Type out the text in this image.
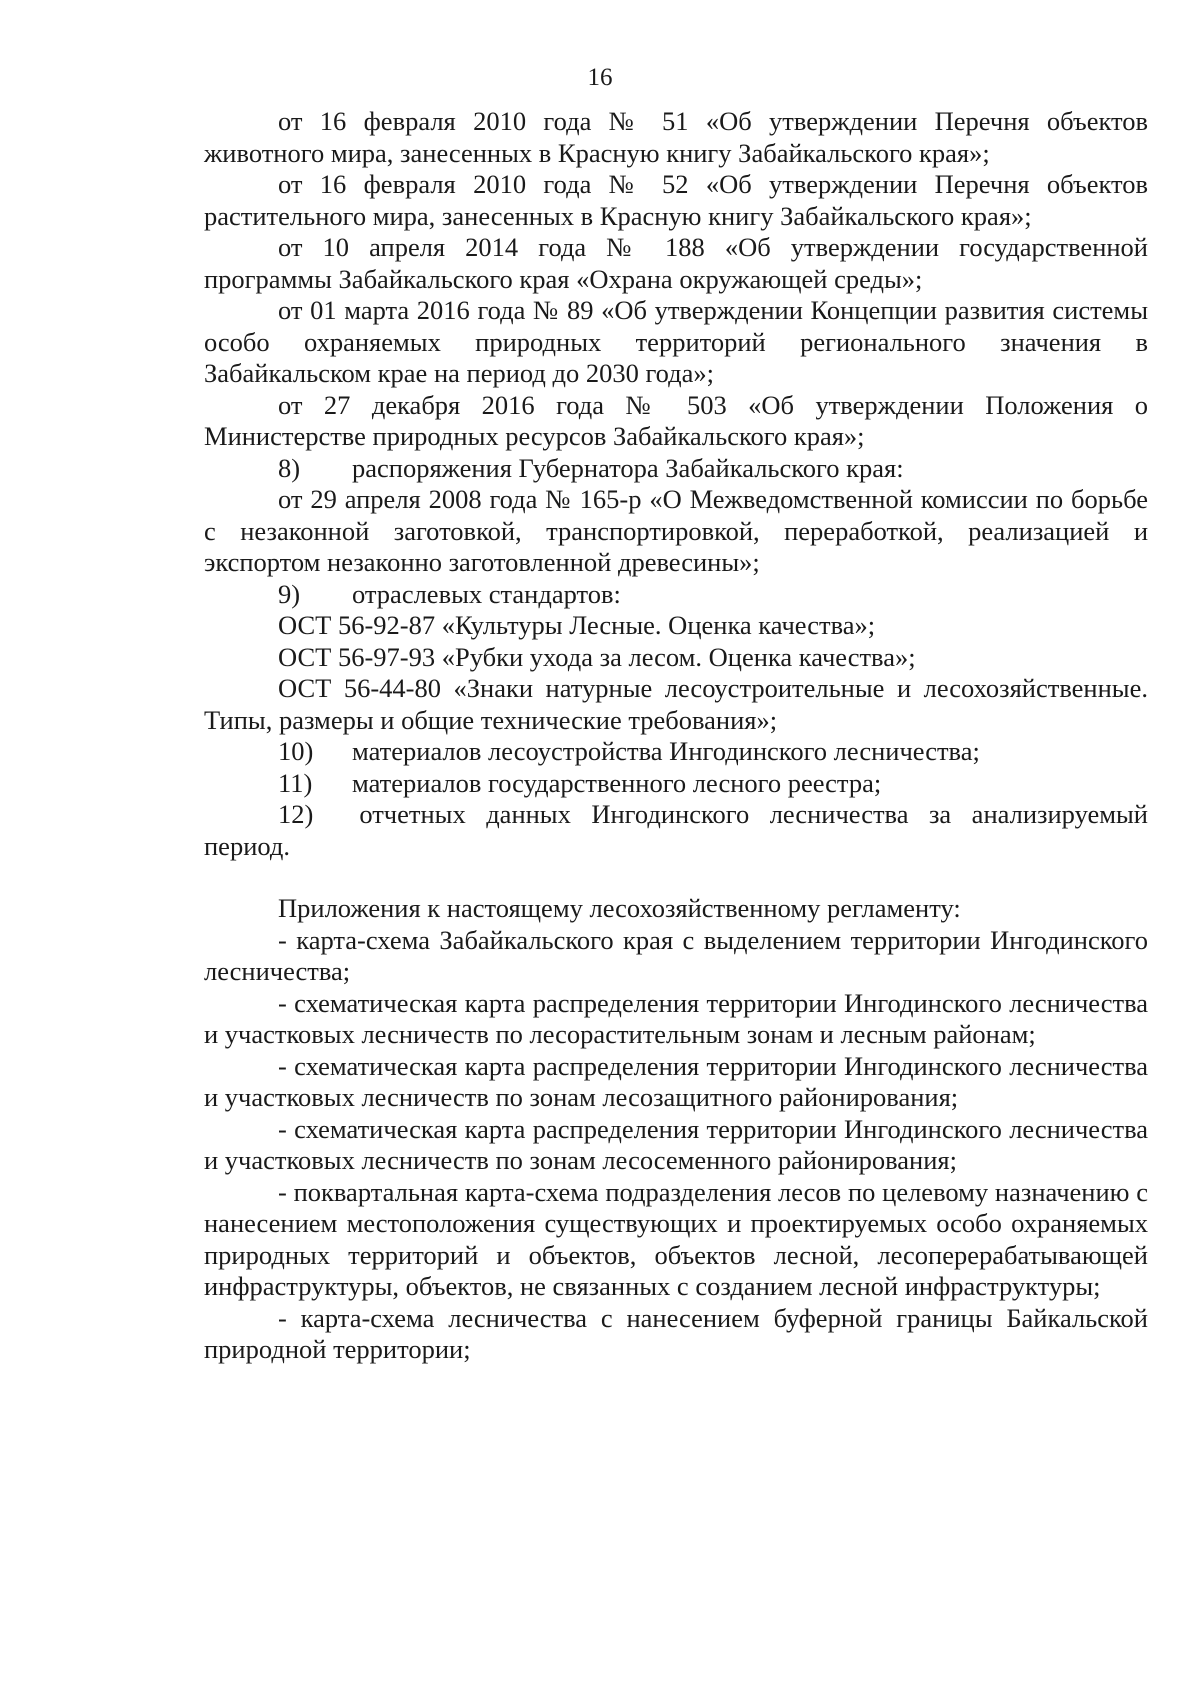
16

от 16 февраля 2010 года № 51 «Об утверждении Перечня объектов животного мира, занесенных в Красную книгу Забайкальского края»;

от 16 февраля 2010 года № 52 «Об утверждении Перечня объектов растительного мира, занесенных в Красную книгу Забайкальского края»;

от 10 апреля 2014 года № 188 «Об утверждении государственной программы Забайкальского края «Охрана окружающей среды»;

от 01 марта 2016 года № 89 «Об утверждении Концепции развития системы особо охраняемых природных территорий регионального значения в Забайкальском крае на период до 2030 года»;

от 27 декабря 2016 года № 503 «Об утверждении Положения о Министерстве природных ресурсов Забайкальского края»;

8)	распоряжения Губернатора Забайкальского края:

от 29 апреля 2008 года № 165-р «О Межведомственной комиссии по борьбе с незаконной заготовкой, транспортировкой, переработкой, реализацией и экспортом незаконно заготовленной древесины»;

9)	отраслевых стандартов:

ОСТ 56-92-87 «Культуры Лесные. Оценка качества»;

ОСТ 56-97-93 «Рубки ухода за лесом. Оценка качества»;

ОСТ 56-44-80 «Знаки натурные лесоустроительные и лесохозяйственные. Типы, размеры и общие технические требования»;

10)	материалов лесоустройства Ингодинского лесничества;
11)	материалов государственного лесного реестра;

12) отчетных данных Ингодинского лесничества за анализируемый период.

Приложения к настоящему лесохозяйственному регламенту:

- карта-схема Забайкальского края с выделением территории Ингодинского лесничества;

- схематическая карта распределения территории Ингодинского лесничества и участковых лесничеств по лесорастительным зонам и лесным районам;

- схематическая карта распределения территории Ингодинского лесничества и участковых лесничеств по зонам лесозащитного районирования;

- схематическая карта распределения территории Ингодинского лесничества и участковых лесничеств по зонам лесосеменного районирования;

- поквартальная карта-схема подразделения лесов по целевому назначению с нанесением местоположения существующих и проектируемых особо охраняемых природных территорий и объектов, объектов лесной, лесоперерабатывающей инфраструктуры, объектов, не связанных с созданием лесной инфраструктуры;

- карта-схема лесничества с нанесением буферной границы Байкальской природной территории;
